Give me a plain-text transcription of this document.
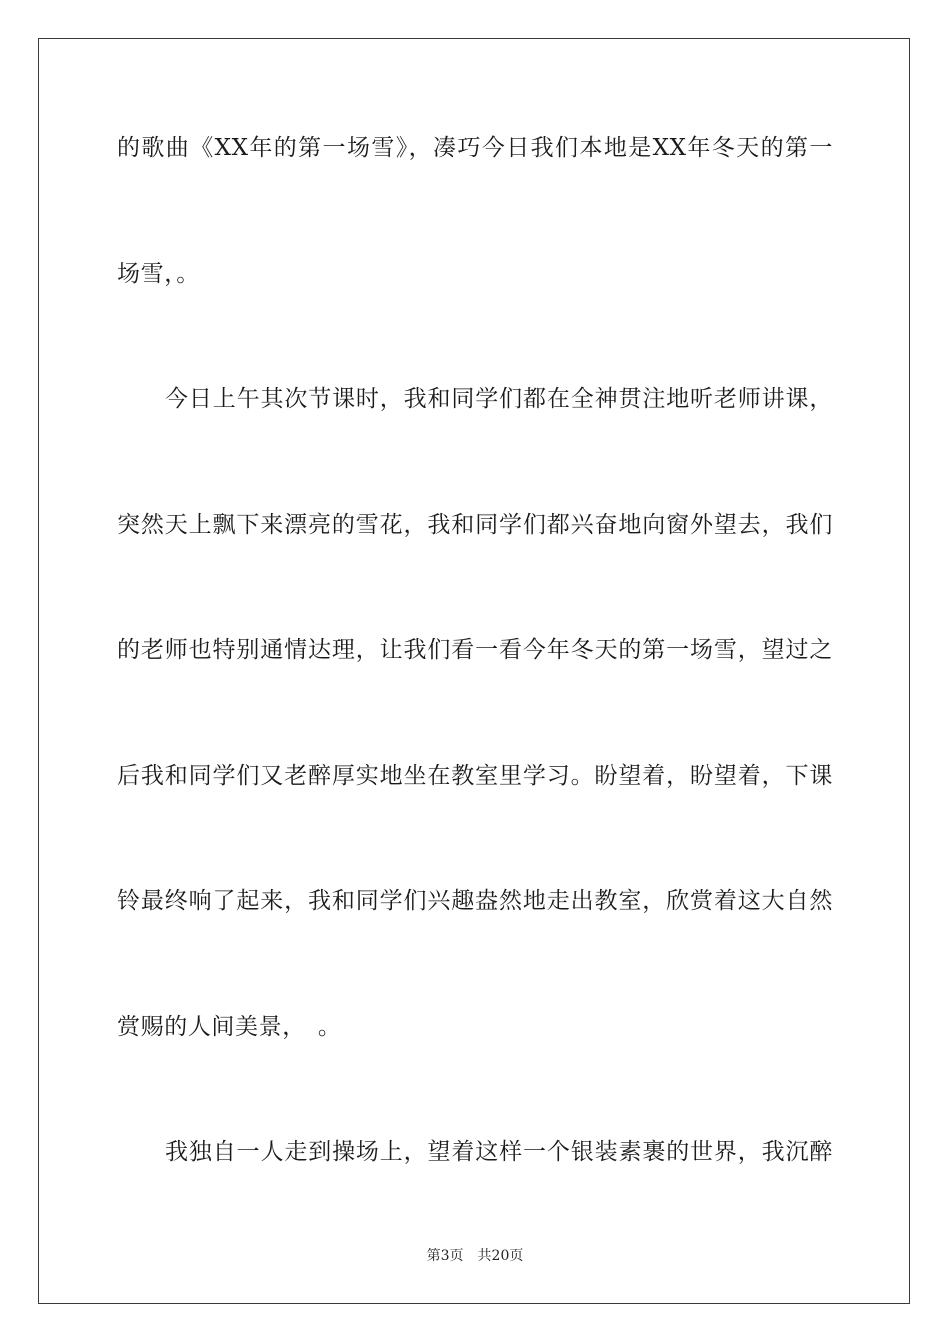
的歌曲《XX年的第一场雪》，凑巧今日我们本地是XX年冬天的第一
场雪，。
今日上午其次节课时，我和同学们都在全神贯注地听老师讲课，
突然天上飘下来漂亮的雪花，我和同学们都兴奋地向窗外望去，我们
的老师也特别通情达理，让我们看一看今年冬天的第一场雪，望过之
后我和同学们又老醉厚实地坐在教室里学习。盼望着，盼望着，下课
铃最终响了起来，我和同学们兴趣盎然地走出教室，欣赏着这大自然
赏赐的人间美景，　。
我独自一人走到操场上，望着这样一个银装素裹的世界，我沉醉
第3页 共20页
